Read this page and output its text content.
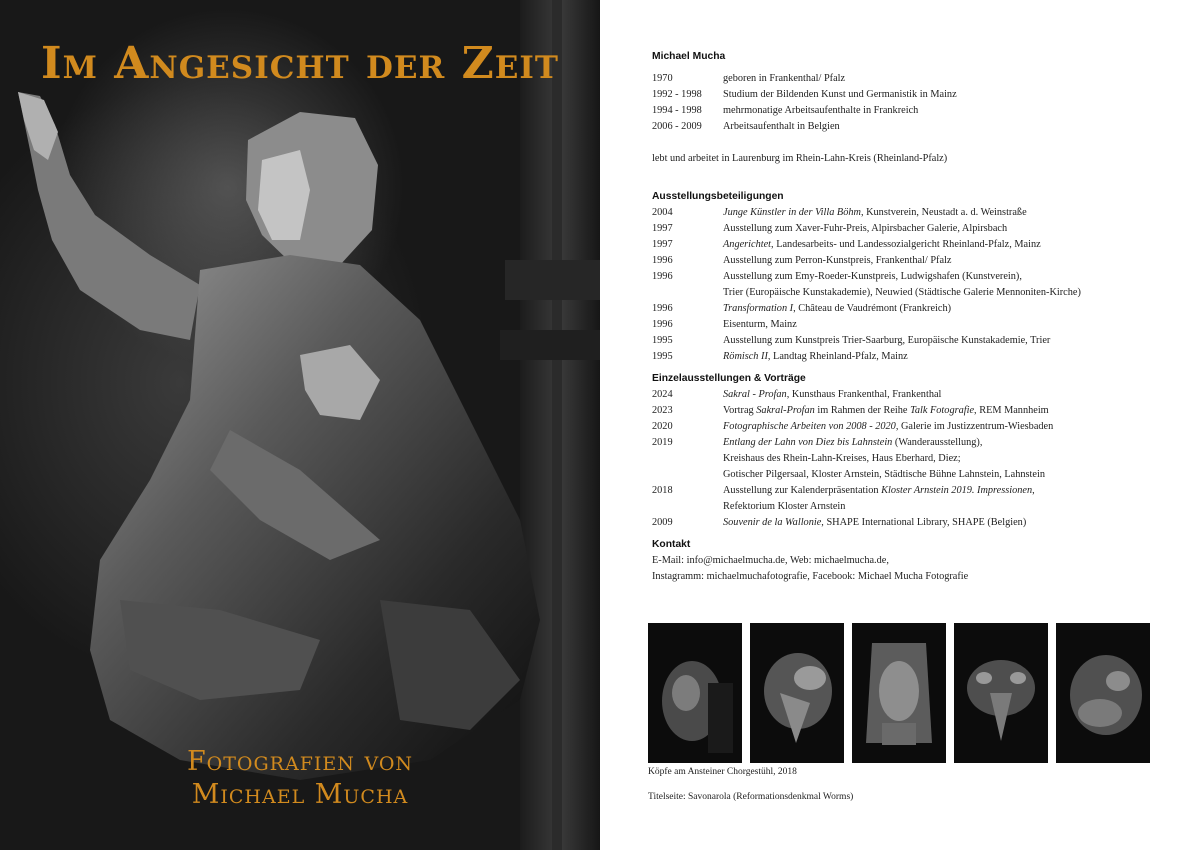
Im Angesicht der Zeit

Fotografien von

Michael Mucha

Michael Mucha
1970	geboren in Frankenthal/ Pfalz
1992 - 1998	Studium der Bildenden Kunst und Germanistik in Mainz
1994 - 1998	mehrmonatige Arbeitsaufenthalte in Frankreich
2006 - 2009	Arbeitsaufenthalt in Belgien

lebt und arbeitet in Laurenburg im Rhein-Lahn-Kreis (Rheinland-Pfalz)

Ausstellungsbeteiligungen
2004	Junge Künstler in der Villa Böhm, Kunstverein, Neustadt a. d. Weinstraße
1997	Ausstellung zum Xaver-Fuhr-Preis, Alpirsbacher Galerie, Alpirsbach
1997	Angerichtet, Landesarbeits- und Landessozialgericht Rheinland-Pfalz, Mainz
1996	Ausstellung zum Perron-Kunstpreis, Frankenthal/ Pfalz
1996	Ausstellung zum Emy-Roeder-Kunstpreis, Ludwigshafen (Kunstverein),
Trier (Europäische Kunstakademie), Neuwied (Städtische Galerie Mennoniten-Kirche)
1996	Transformation I, Château de Vaudrémont (Frankreich)
1996	Eisenturm, Mainz
1995	Ausstellung zum Kunstpreis Trier-Saarburg, Europäische Kunstakademie, Trier
1995	Römisch II, Landtag Rheinland-Pfalz, Mainz
Einzelausstellungen & Vorträge
2024	Sakral - Profan, Kunsthaus Frankenthal, Frankenthal
2023	Vortrag Sakral-Profan im Rahmen der Reihe Talk Fotografie, REM Mannheim
2020	Fotographische Arbeiten von 2008 - 2020, Galerie im Justizzentrum-Wiesbaden
2019	Entlang der Lahn von Diez bis Lahnstein (Wanderausstellung),
Kreishaus des Rhein-Lahn-Kreises, Haus Eberhard, Diez;
Gotischer Pilgersaal, Kloster Arnstein, Städtische Bühne Lahnstein, Lahnstein
2018	Ausstellung zur Kalenderpräsentation Kloster Arnstein 2019. Impressionen,
Refektorium Kloster Arnstein
2009	Souvenir de la Wallonie, SHAPE International Library, SHAPE (Belgien)
Kontakt

E-Mail: info@michaelmucha.de, Web: michaelmucha.de,

Instagramm: michaelmuchafotografie, Facebook: Michael Mucha Fotografie

Köpfe am Ansteiner Chorgestühl, 2018

Titelseite: Savonarola (Reformationsdenkmal Worms)
